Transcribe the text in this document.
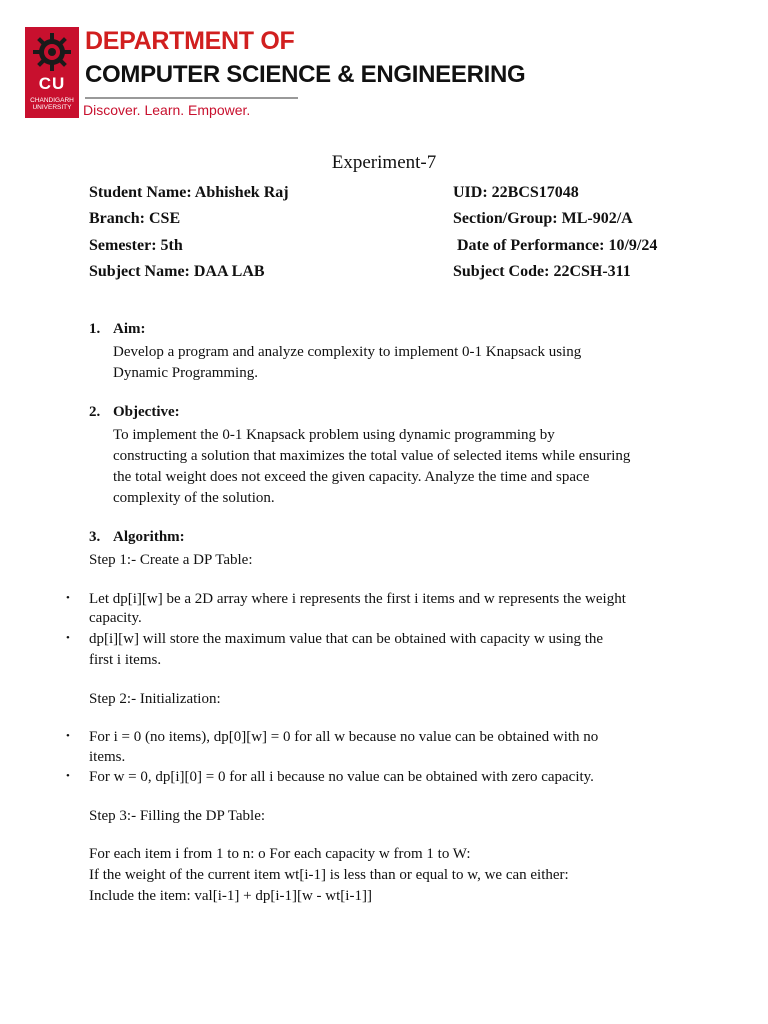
CU
CHANDIGARH
UNIVERSITY
DEPARTMENT OF
COMPUTER SCIENCE & ENGINEERING
Discover. Learn. Empower.
Experiment-7
Student Name: Abhishek Raj	UID: 22BCS17048
Branch: CSE	Section/Group: ML-902/A
Semester: 5th	Date of Performance: 10/9/24
Subject Name: DAA LAB	Subject Code: 22CSH-311
1. Aim:
Develop a program and analyze complexity to implement 0-1 Knapsack using
Dynamic Programming.
2. Objective:
To implement the 0-1 Knapsack problem using dynamic programming by
constructing a solution that maximizes the total value of selected items while ensuring
the total weight does not exceed the given capacity. Analyze the time and space
complexity of the solution.
3. Algorithm:
Step 1:- Create a DP Table:
• Let dp[i][w] be a 2D array where i represents the first i items and w represents the weight
capacity.
• dp[i][w] will store the maximum value that can be obtained with capacity w using the
first i items.
Step 2:- Initialization:
• For i = 0 (no items), dp[0][w] = 0 for all w because no value can be obtained with no
items.
• For w = 0, dp[i][0] = 0 for all i because no value can be obtained with zero capacity.
Step 3:- Filling the DP Table:
For each item i from 1 to n: o For each capacity w from 1 to W:
If the weight of the current item wt[i-1] is less than or equal to w, we can either:
Include the item: val[i-1] + dp[i-1][w - wt[i-1]]
